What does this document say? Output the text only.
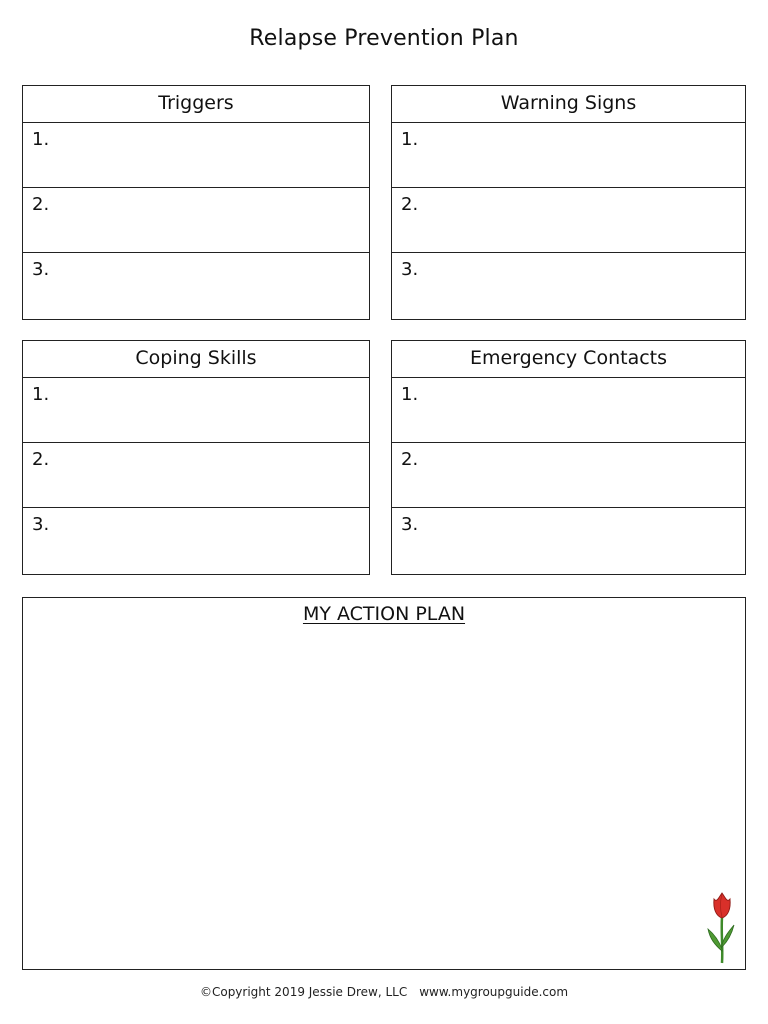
Relapse Prevention Plan
Triggers
1.
2.
3.
Warning Signs
1.
2.
3.
Coping Skills
1.
2.
3.
Emergency Contacts
1.
2.
3.
MY ACTION PLAN
©Copyright 2019 Jessie Drew, LLC www.mygroupguide.com
